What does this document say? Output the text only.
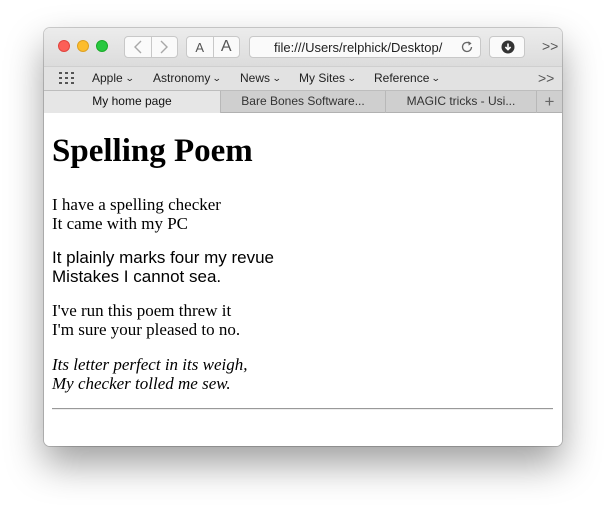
A	A	file:///Users/relphick/Desktop/	>>
Apple ⌄ Astronomy ⌄ News ⌄ My Sites ⌄ Reference ⌄	>>
My home page	Bare Bones Software...	MAGIC tricks - Usi...	+
Spelling Poem
I have a spelling checker
It came with my PC
It plainly marks four my revue
Mistakes I cannot sea.
I've run this poem threw it
I'm sure your pleased to no.
Its letter perfect in its weigh,
My checker tolled me sew.
